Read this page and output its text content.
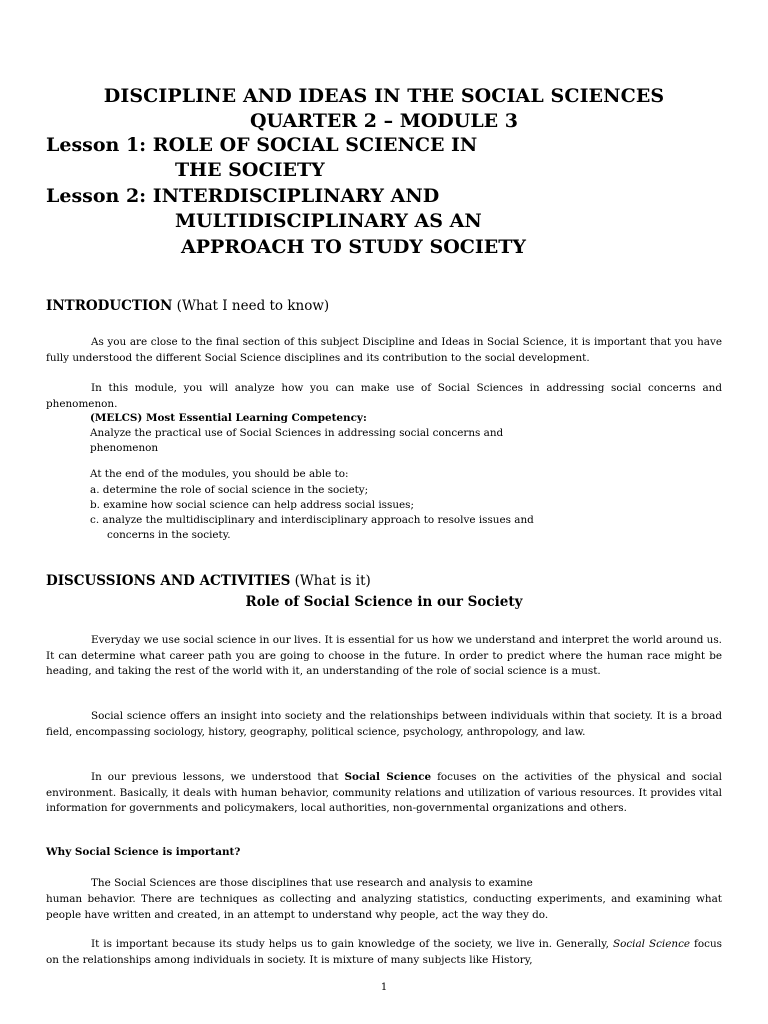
DISCIPLINE AND IDEAS IN THE SOCIAL SCIENCES
QUARTER 2 – MODULE 3
Lesson 1: ROLE OF SOCIAL SCIENCE IN
THE SOCIETY
Lesson 2: INTERDISCIPLINARY AND
MULTIDISCIPLINARY AS AN
APPROACH TO STUDY SOCIETY
INTRODUCTION (What I need to know)
As you are close to the final section of this subject Discipline and Ideas in Social Science, it is important that you have fully understood the different Social Science disciplines and its contribution to the social development.
In this module, you will analyze how you can make use of Social Sciences in addressing social concerns and phenomenon.
(MELCS) Most Essential Learning Competency:
Analyze the practical use of Social Sciences in addressing social concerns and
phenomenon
At the end of the modules, you should be able to:
a. determine the role of social science in the society;
b. examine how social science can help address social issues;
c. analyze the multidisciplinary and interdisciplinary approach to resolve issues and
concerns in the society.
DISCUSSIONS AND ACTIVITIES (What is it)
Role of Social Science in our Society
Everyday we use social science in our lives. It is essential for us how we understand and interpret the world around us. It can determine what career path you are going to choose in the future. In order to predict where the human race might be heading, and taking the rest of the world with it, an understanding of the role of social science is a must.
Social science offers an insight into society and the relationships between individuals within that society. It is a broad field, encompassing sociology, history, geography, political science, psychology, anthropology, and law.
In our previous lessons, we understood that Social Science focuses on the activities of the physical and social environment. Basically, it deals with human behavior, community relations and utilization of various resources. It provides vital information for governments and policymakers, local authorities, non-governmental organizations and others.
Why Social Science is important?
The Social Sciences are those disciplines that use research and analysis to examine
human behavior. There are techniques as collecting and analyzing statistics, conducting experiments, and examining what people have written and created, in an attempt to understand why people, act the way they do.
It is important because its study helps us to gain knowledge of the society, we live in. Generally, Social Science focus on the relationships among individuals in society. It is mixture of many subjects like History,
1
